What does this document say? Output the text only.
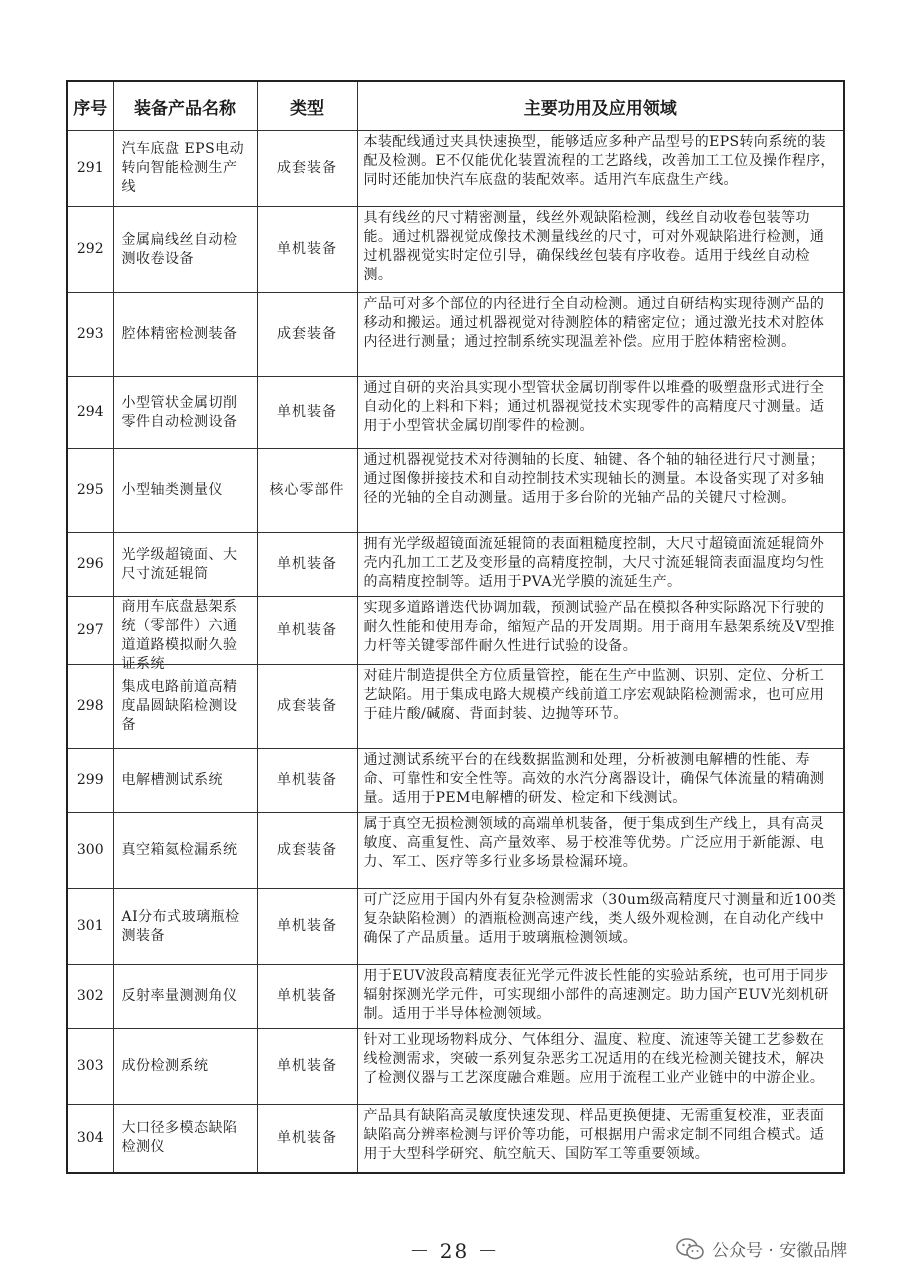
序号	装备产品名称	类型	主要功用及应用领域

291	汽车底盘 EPS电动转向智能检测生产线	成套装备	本装配线通过夹具快速换型，能够适应多种产品型号的EPS转向系统的装配及检测。E不仅能优化装置流程的工艺路线，改善加工工位及操作程序，同时还能加快汽车底盘的装配效率。适用汽车底盘生产线。

292	金属扁线丝自动检测收卷设备	单机装备	具有线丝的尺寸精密测量，线丝外观缺陷检测，线丝自动收卷包装等功能。通过机器视觉成像技术测量线丝的尺寸，可对外观缺陷进行检测，通过机器视觉实时定位引导，确保线丝包装有序收卷。适用于线丝自动检测。

293	腔体精密检测装备	成套装备	产品可对多个部位的内径进行全自动检测。通过自研结构实现待测产品的移动和搬运。通过机器视觉对待测腔体的精密定位；通过激光技术对腔体内径进行测量；通过控制系统实现温差补偿。应用于腔体精密检测。

294	小型管状金属切削零件自动检测设备	单机装备	通过自研的夹治具实现小型管状金属切削零件以堆叠的吸塑盘形式进行全自动化的上料和下料；通过机器视觉技术实现零件的高精度尺寸测量。适用于小型管状金属切削零件的检测。

295	小型轴类测量仪	核心零部件	通过机器视觉技术对待测轴的长度、轴键、各个轴的轴径进行尺寸测量；通过图像拼接技术和自动控制技术实现轴长的测量。本设备实现了对多轴径的光轴的全自动测量。适用于多台阶的光轴产品的关键尺寸检测。

296	光学级超镜面、大尺寸流延辊筒	单机装备	拥有光学级超镜面流延辊筒的表面粗糙度控制，大尺寸超镜面流延辊筒外壳内孔加工工艺及变形量的高精度控制，大尺寸流延辊筒表面温度均匀性的高精度控制等。适用于PVA光学膜的流延生产。

297	商用车底盘悬架系统（零部件）六通道道路模拟耐久验证系统	单机装备	实现多道路谱迭代协调加载，预测试验产品在模拟各种实际路况下行驶的耐久性能和使用寿命，缩短产品的开发周期。用于商用车悬架系统及V型推力杆等关键零部件耐久性进行试验的设备。

298	集成电路前道高精度晶圆缺陷检测设备	成套装备	对硅片制造提供全方位质量管控，能在生产中监测、识别、定位、分析工艺缺陷。用于集成电路大规模产线前道工序宏观缺陷检测需求，也可应用于硅片酸/碱腐、背面封装、边抛等环节。

299	电解槽测试系统	单机装备	通过测试系统平台的在线数据监测和处理，分析被测电解槽的性能、寿命、可靠性和安全性等。高效的水汽分离器设计，确保气体流量的精确测量。适用于PEM电解槽的研发、检定和下线测试。

300	真空箱氦检漏系统	成套装备	属于真空无损检测领域的高端单机装备，便于集成到生产线上，具有高灵敏度、高重复性、高产量效率、易于校准等优势。广泛应用于新能源、电力、军工、医疗等多行业多场景检漏环境。

301	AI分布式玻璃瓶检测装备	单机装备	可广泛应用于国内外有复杂检测需求（30um级高精度尺寸测量和近100类复杂缺陷检测）的酒瓶检测高速产线，类人级外观检测，在自动化产线中确保了产品质量。适用于玻璃瓶检测领域。

302	反射率量测测角仪	单机装备	用于EUV波段高精度表征光学元件波长性能的实验站系统，也可用于同步辐射探测光学元件，可实现细小部件的高速测定。助力国产EUV光刻机研制。适用于半导体检测领域。

303	成份检测系统	单机装备	针对工业现场物料成分、气体组分、温度、粒度、流速等关键工艺参数在线检测需求，突破一系列复杂恶劣工况适用的在线光检测关键技术，解决了检测仪器与工艺深度融合难题。应用于流程工业产业链中的中游企业。

304	大口径多模态缺陷检测仪	单机装备	产品具有缺陷高灵敏度快速发现、样品更换便捷、无需重复校准，亚表面缺陷高分辨率检测与评价等功能，可根据用户需求定制不同组合模式。适用于大型科学研究、航空航天、国防军工等重要领域。
－ 28 －	公众号 · 安徽品牌
